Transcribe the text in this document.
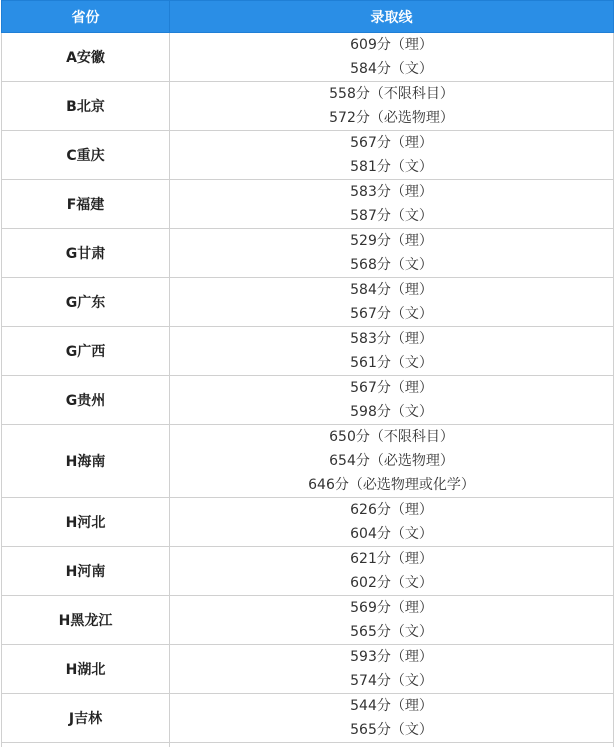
省份	录取线
A安徽	609分（理）
584分（文）

B北京	558分（不限科目）
572分（必选物理）

C重庆	567分（理）
581分（文）

F福建	583分（理）
587分（文）

G甘肃	529分（理）
568分（文）

G广东	584分（理）
567分（文）

G广西	583分（理）
561分（文）

G贵州	567分（理）
598分（文）

H海南	650分（不限科目）
654分（必选物理）
646分（必选物理或化学）

H河北	626分（理）
604分（文）

H河南	621分（理）
602分（文）

H黑龙江	569分（理）
565分（文）

H湖北	593分（理）
574分（文）

J吉林	544分（理）
565分（文）
